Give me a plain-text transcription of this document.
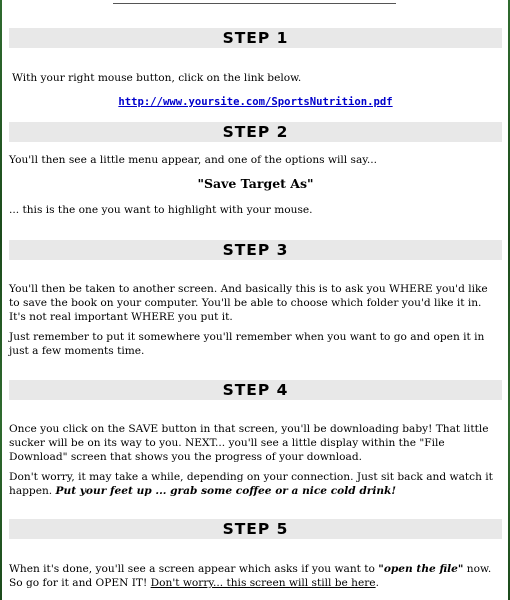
STEP 1
With your right mouse button, click on the link below.
http://www.yoursite.com/SportsNutrition.pdf
STEP 2
You'll then see a little menu appear, and one of the options will say...
"Save Target As"
... this is the one you want to highlight with your mouse.
STEP 3
You'll then be taken to another screen. And basically this is to ask you WHERE you'd like to save the book on your computer. You'll be able to choose which folder you'd like it in. It's not real important WHERE you put it.
Just remember to put it somewhere you'll remember when you want to go and open it in just a few moments time.
STEP 4
Once you click on the SAVE button in that screen, you'll be downloading baby! That little sucker will be on its way to you. NEXT... you'll see a little display within the "File Download" screen that shows you the progress of your download.
Don't worry, it may take a while, depending on your connection. Just sit back and watch it happen. Put your feet up ... grab some coffee or a nice cold drink!
STEP 5
When it's done, you'll see a screen appear which asks if you want to "open the file" now. So go for it and OPEN IT! Don't worry... this screen will still be here.
